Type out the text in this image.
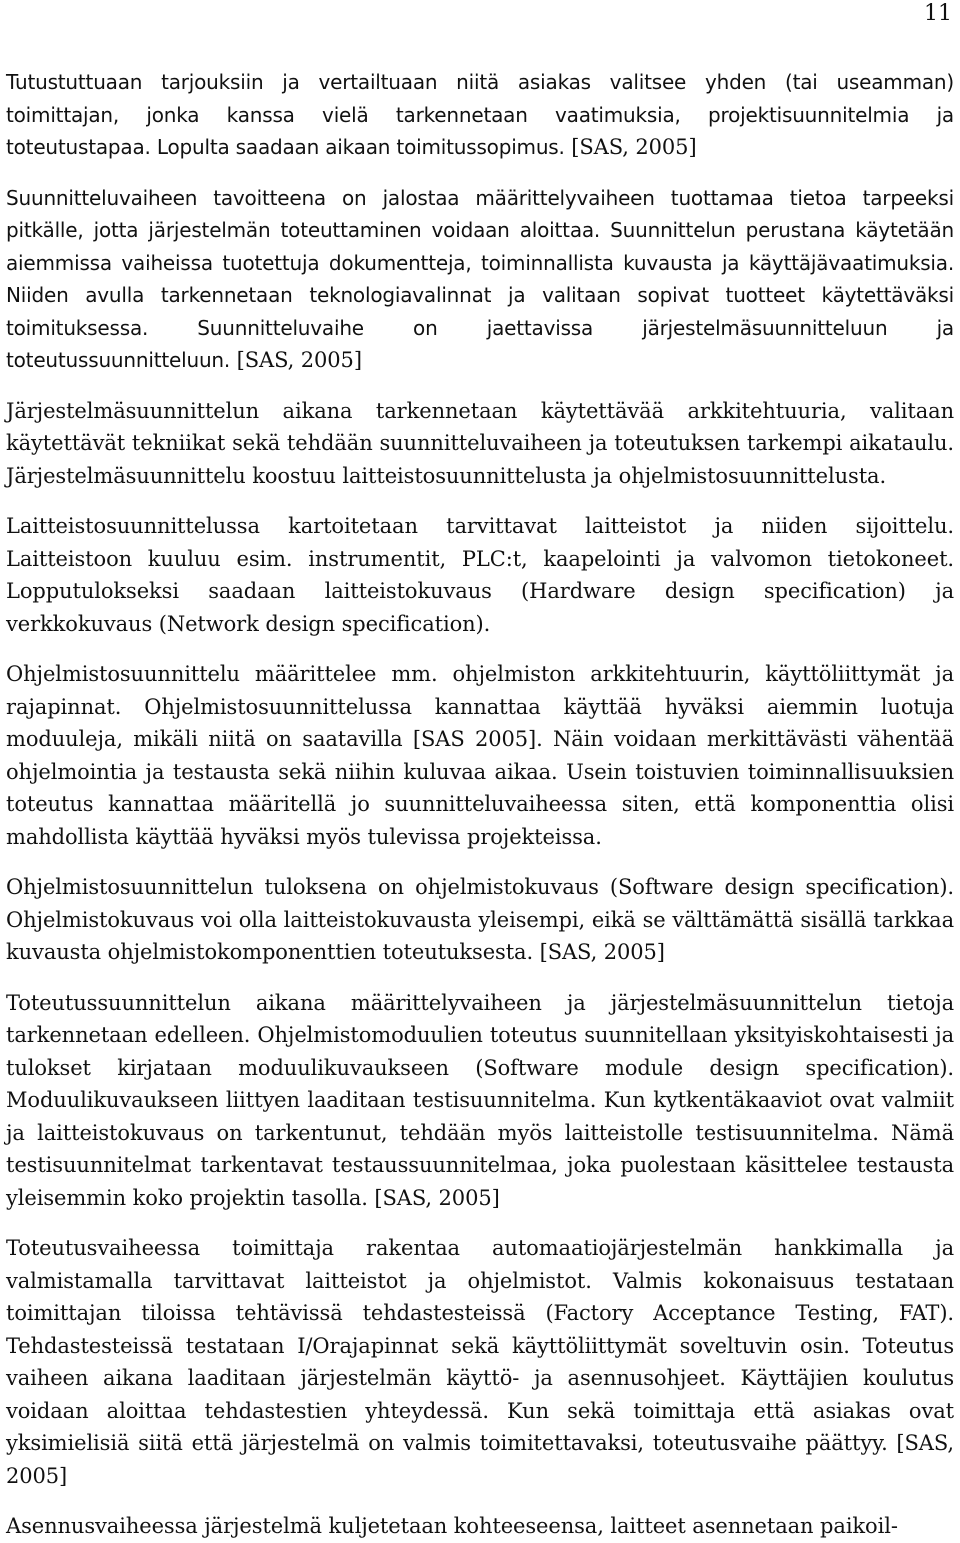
11

Tutustuttuaan tarjouksiin ja vertailtuaan niitä asiakas valitsee yhden (tai useamman) toimittajan, jonka kanssa vielä tarkennetaan vaatimuksia, projektisuunnitelmia ja toteutustapaa. Lopulta saadaan aikaan toimitussopimus. [SAS, 2005]

Suunnitteluvaiheen tavoitteena on jalostaa määrittelyvaiheen tuottamaa tietoa tarpeeksi pitkälle, jotta järjestelmän toteuttaminen voidaan aloittaa. Suunnittelun perustana käytetään aiemmissa vaiheissa tuotettuja dokumentteja, toiminnallista kuvausta ja käyttäjävaatimuksia. Niiden avulla tarkennetaan teknologiavalinnat ja valitaan sopivat tuotteet käytettäväksi toimituksessa. Suunnitteluvaihe on jaettavissa järjestelmäsuunnitteluun ja toteutussuunnitteluun. [SAS, 2005]

Järjestelmäsuunnittelun aikana tarkennetaan käytettävää arkkitehtuuria, valitaan käytettävät tekniikat sekä tehdään suunnitteluvaiheen ja toteutuksen tarkempi aikataulu. Järjestelmäsuunnittelu koostuu laitteistosuunnittelusta ja ohjelmistosuunnittelusta.

Laitteistosuunnittelussa kartoitetaan tarvittavat laitteistot ja niiden sijoittelu. Laitteistoon kuuluu esim. instrumentit, PLC:t, kaapelointi ja valvomon tietokoneet. Lopputulokseksi saadaan laitteistokuvaus (Hardware design specification) ja verkkokuvaus (Network design specification).

Ohjelmistosuunnittelu määrittelee mm. ohjelmiston arkkitehtuurin, käyttöliittymät ja rajapinnat. Ohjelmistosuunnittelussa kannattaa käyttää hyväksi aiemmin luotuja moduuleja, mikäli niitä on saatavilla [SAS 2005]. Näin voidaan merkittävästi vähentää ohjelmointia ja testausta sekä niihin kuluvaa aikaa. Usein toistuvien toiminnallisuuksien toteutus kannattaa määritellä jo suunnitteluvaiheessa siten, että komponenttia olisi mahdollista käyttää hyväksi myös tulevissa projekteissa.

Ohjelmistosuunnittelun tuloksena on ohjelmistokuvaus (Software design specification). Ohjelmistokuvaus voi olla laitteistokuvausta yleisempi, eikä se välttämättä sisällä tarkkaa kuvausta ohjelmistokomponenttien toteutuksesta. [SAS, 2005]

Toteutussuunnittelun aikana määrittelyvaiheen ja järjestelmäsuunnittelun tietoja tarkennetaan edelleen. Ohjelmistomoduulien toteutus suunnitellaan yksityiskohtaisesti ja tulokset kirjataan moduulikuvaukseen (Software module design specification). Moduulikuvaukseen liittyen laaditaan testisuunnitelma. Kun kytkentäkaaviot ovat valmiit ja laitteistokuvaus on tarkentunut, tehdään myös laitteistolle testisuunnitelma. Nämä testisuunnitelmat tarkentavat testaussuunnitelmaa, joka puolestaan käsittelee testausta yleisemmin koko projektin tasolla. [SAS, 2005]

Toteutusvaiheessa toimittaja rakentaa automaatiojärjestelmän hankkimalla ja valmistamalla tarvittavat laitteistot ja ohjelmistot. Valmis kokonaisuus testataan toimittajan tiloissa tehtävissä tehdastesteissä (Factory Acceptance Testing, FAT). Tehdastesteissä testataan I/Orajapinnat sekä käyttöliittymät soveltuvin osin. Toteutus vaiheen aikana laaditaan järjestelmän käyttö- ja asennusohjeet. Käyttäjien koulutus voidaan aloittaa tehdastestien yhteydessä. Kun sekä toimittaja että asiakas ovat yksimielisiä siitä että järjestelmä on valmis toimitettavaksi, toteutusvaihe päättyy. [SAS, 2005]

Asennusvaiheessa järjestelmä kuljetetaan kohteeseensa, laitteet asennetaan paikoil-
